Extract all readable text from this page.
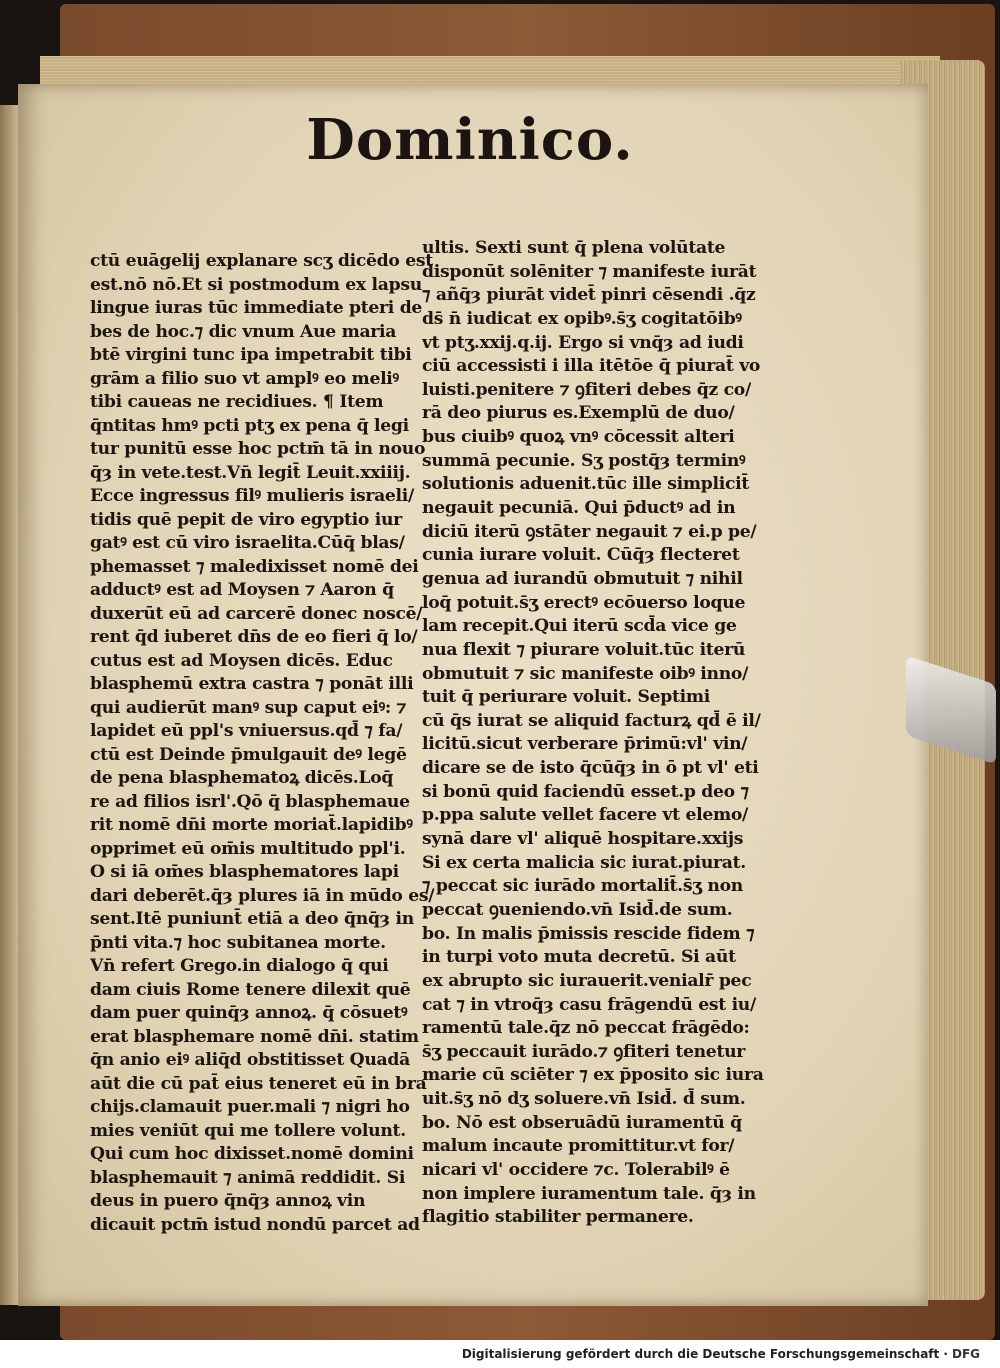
Dominico.
ctū euāgelij explanare scʒ dicēdo est
est.nō nō.Et si postmodum ex lapsu
lingue iuras tūc immediate pteri de
bes de hoc.⁊ dic vnum Aue maria
btē virgini tunc ipa impetrabit tibi
grām a filio suo vt amplꝰ eo meliꝰ
tibi caueas ne recidiues. ¶ Item
q̄ntitas hmꝰ pcti ptʒ ex pena q̄ legi
tur punitū esse hoc pctm̄ tā in nouo
q̄ȝ in vete.test.Vn̄ legit̄ Leuit.xxiiij.
Ecce ingressus filꝰ mulieris israeli/
tidis quē pepit de viro egyptio iur
gatꝰ est cū viro israelita.Cūq̄ blas/
phemasset ⁊ maledixisset nomē dei
adductꝰ est ad Moysen ⁊ Aaron q̄
duxerūt eū ad carcerē donec noscē/
rent q̄d iuberet dn̄s de eo fieri q̄ lo/
cutus est ad Moysen dicēs. Educ
blasphemū extra castra ⁊ ponāt illi
qui audierūt manꝰ sup caput eiꝰ: ⁊
lapidet eū ppl's vniuersus.qd̄ ⁊ fa/
ctū est Deinde p̄mulgauit deꝰ legē
de pena blasphematoꝝ dicēs.Loq̄
re ad filios isrl'.Qō q̄ blasphemaue
rit nomē dn̄i morte moriat̄.lapidibꝰ
opprimet eū om̄is multitudo ppl'i.
O si iā om̄es blasphematores lapi
dari deberēt.q̄ȝ plures iā in mūdo es/
sent.Itē puniunt̄ etiā a deo q̄nq̄ȝ in
p̄nti vita.⁊ hoc subitanea morte.
Vn̄ refert Grego.in dialogo q̄ qui
dam ciuis Rome tenere dilexit quē
dam puer quinq̄ȝ annoꝝ. q̄ cōsuetꝰ
erat blasphemare nomē dn̄i. statim
q̄n anio eiꝰ aliq̄d obstitisset Quadā
aūt die cū pat̄ eius teneret eū in bra
chijs.clamauit puer.mali ⁊ nigri ho
mies veniūt qui me tollere volunt.
Qui cum hoc dixisset.nomē domini
blasphemauit ⁊ animā reddidit. Si
deus in puero q̄nq̄ȝ annoꝝ vin
dicauit pctm̄ istud nondū parcet ad
ultis. Sexti sunt q̄ plena volūtate
disponūt solēniter ⁊ manifeste iurāt
⁊ añq̄ȝ piurāt videt̄ pinri cēsendi .q̄z
ds̄ n̄ iudicat ex opibꝰ.s̄ʒ cogitatōibꝰ
vt ptʒ.xxij.q.ij. Ergo si vnq̄ȝ ad iudi
ciū accessisti i illa itētōe q̄ piurat̄ vo
luisti.penitere ⁊ ꝯfiteri debes q̄z co/
rā deo piurus es.Exemplū de duo/
bus ciuibꝰ quoꝝ vnꝰ cōcessit alteri
summā pecunie. Sʒ postq̄ȝ terminꝰ
solutionis aduenit.tūc ille simplicit̄
negauit pecuniā. Qui p̄ductꝰ ad in
diciū iterū ꝯstāter negauit ⁊ ei.p pe/
cunia iurare voluit. Cūq̄ȝ flecteret
genua ad iurandū obmutuit ⁊ nihil
loq̄ potuit.s̄ʒ erectꝰ ecōuerso loque
lam recepit.Qui iterū scd̄a vice ge
nua flexit ⁊ piurare voluit.tūc iterū
obmutuit ⁊ sic manifeste oibꝰ inno/
tuit q̄ periurare voluit. Septimi
cū q̄s iurat se aliquid facturꝝ qd̄ ē il/
licitū.sicut verberare p̄rimū:vl' vin/
dicare se de isto q̄cūq̄ȝ in ō pt vl' eti
si bonū quid faciendū esset.p deo ⁊
p.ppa salute vellet facere vt elemo/
synā dare vl' aliquē hospitare.xxijs
Si ex certa malicia sic iurat.piurat.
⁊ peccat sic iurādo mortalit̄.s̄ʒ non
peccat ꝯueniendo.vn̄ Isid̄.de sum.
bo. In malis p̄missis rescide fidem ⁊
in turpi voto muta decretū. Si aūt
ex abrupto sic iurauerit.venialr̄ pec
cat ⁊ in vtroq̄ȝ casu frāgendū est iu/
ramentū tale.q̄z nō peccat frāgēdo:
s̄ʒ peccauit iurādo.⁊ ꝯfiteri tenetur
marie cū sciēter ⁊ ex p̄posito sic iura
uit.s̄ʒ nō dʒ soluere.vn̄ Isid̄. d̄ sum.
bo. Nō est obseruādū iuramentū q̄
malum incaute promittitur.vt for/
nicari vl' occidere ⁊c. Tolerabilꝰ ē
non implere iuramentum tale. q̄ȝ in
flagitio stabiliter permanere.
Digitalisierung gefördert durch die Deutsche Forschungsgemeinschaft · DFG
